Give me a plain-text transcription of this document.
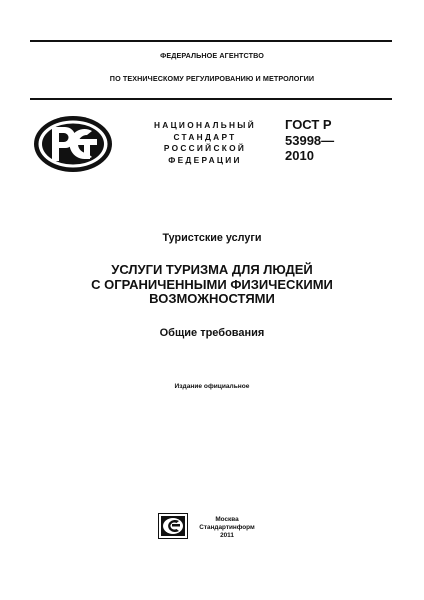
ФЕДЕРАЛЬНОЕ АГЕНТСТВО
ПО ТЕХНИЧЕСКОМУ РЕГУЛИРОВАНИЮ И МЕТРОЛОГИИ
НАЦИОНАЛЬНЫЙ
СТАНДАРТ
РОССИЙСКОЙ
ФЕДЕРАЦИИ
ГОСТ Р
53998—
2010
Туристские услуги
УСЛУГИ ТУРИЗМА ДЛЯ ЛЮДЕЙ
С ОГРАНИЧЕННЫМИ ФИЗИЧЕСКИМИ
ВОЗМОЖНОСТЯМИ
Общие требования
Издание официальное
Москва
Стандартинформ
2011
